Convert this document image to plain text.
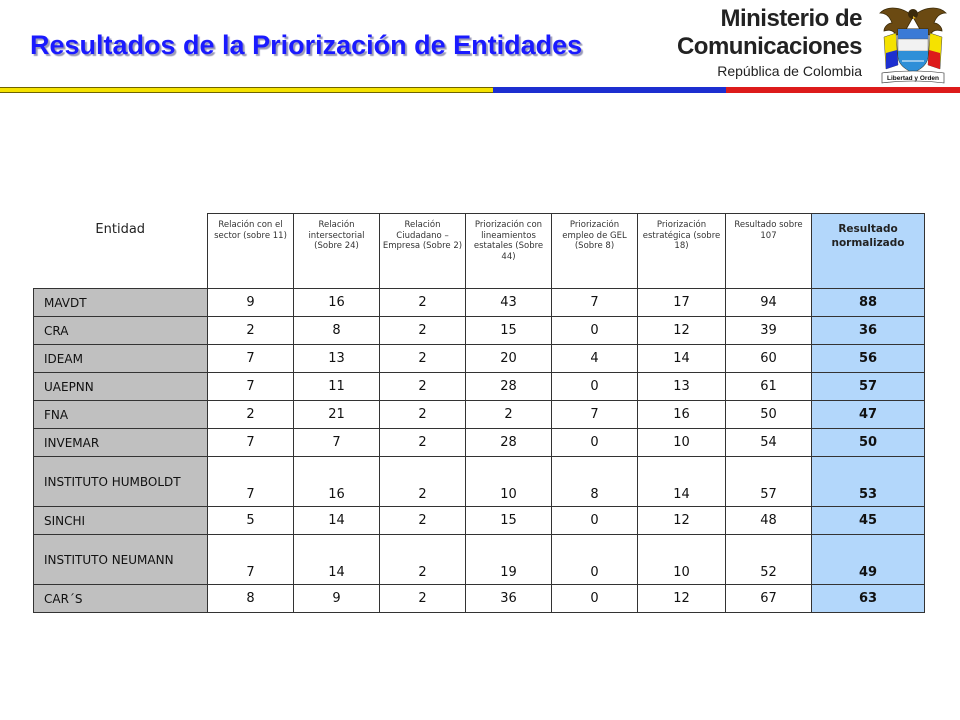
Resultados de la Priorización de Entidades
Ministerio de
Comunicaciones
República de Colombia	Libertad y Orden
Entidad	Relación con el sector (sobre 11)	Relación intersectorial (Sobre 24)	Relación Ciudadano – Empresa (Sobre 2)	Priorización con lineamientos estatales (Sobre 44)	Priorización empleo de GEL (Sobre 8)	Priorización estratégica (sobre 18)	Resultado sobre 107	Resultado normalizado
MAVDT	9	16	2	43	7	17	94	88
CRA	2	8	2	15	0	12	39	36
IDEAM	7	13	2	20	4	14	60	56
UAEPNN	7	11	2	28	0	13	61	57
FNA	2	21	2	2	7	16	50	47
INVEMAR	7	7	2	28	0	10	54	50
INSTITUTO HUMBOLDT	7	16	2	10	8	14	57	53
SINCHI	5	14	2	15	0	12	48	45
INSTITUTO NEUMANN	7	14	2	19	0	10	52	49
CAR´S	8	9	2	36	0	12	67	63
